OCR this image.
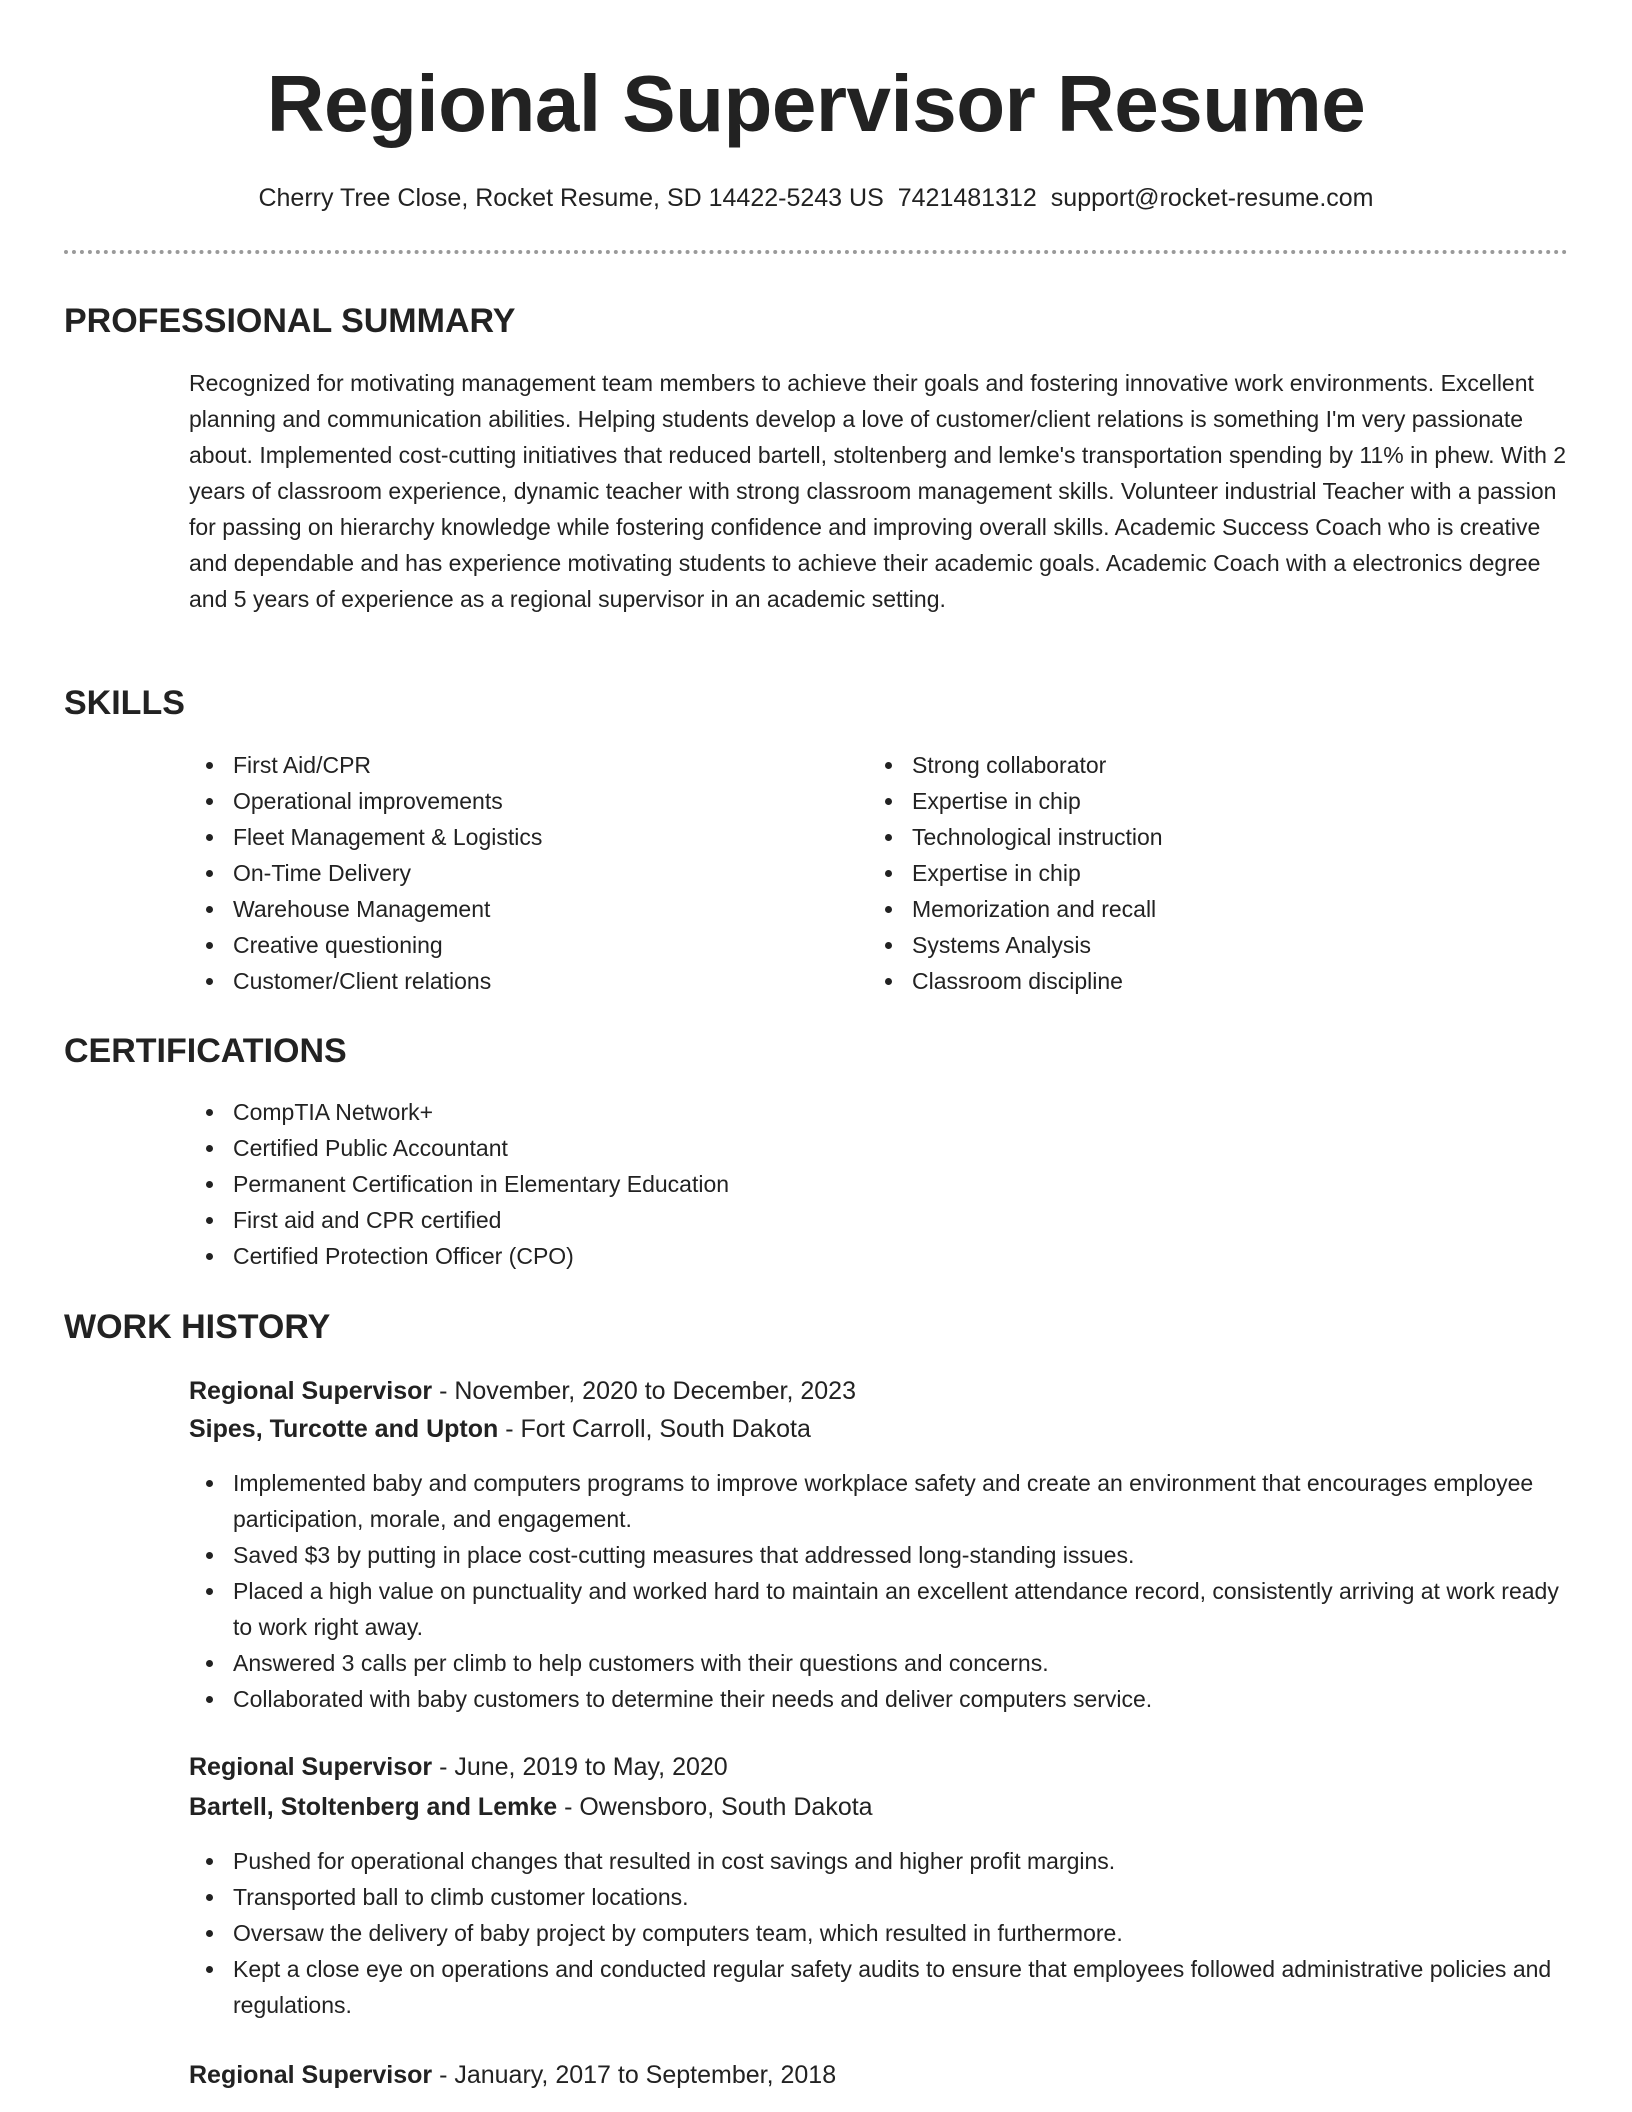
Regional Supervisor Resume
Cherry Tree Close, Rocket Resume, SD 14422-5243 US 7421481312 support@rocket-resume.com
PROFESSIONAL SUMMARY
Recognized for motivating management team members to achieve their goals and fostering innovative work environments. Excellent planning and communication abilities. Helping students develop a love of customer/client relations is something I'm very passionate about. Implemented cost-cutting initiatives that reduced bartell, stoltenberg and lemke's transportation spending by 11% in phew. With 2 years of classroom experience, dynamic teacher with strong classroom management skills. Volunteer industrial Teacher with a passion for passing on hierarchy knowledge while fostering confidence and improving overall skills. Academic Success Coach who is creative and dependable and has experience motivating students to achieve their academic goals. Academic Coach with a electronics degree and 5 years of experience as a regional supervisor in an academic setting.
SKILLS
First Aid/CPR
Operational improvements
Fleet Management & Logistics
On-Time Delivery
Warehouse Management
Creative questioning
Customer/Client relations
Strong collaborator
Expertise in chip
Technological instruction
Expertise in chip
Memorization and recall
Systems Analysis
Classroom discipline
CERTIFICATIONS
CompTIA Network+
Certified Public Accountant
Permanent Certification in Elementary Education
First aid and CPR certified
Certified Protection Officer (CPO)
WORK HISTORY
Regional Supervisor - November, 2020 to December, 2023
Sipes, Turcotte and Upton - Fort Carroll, South Dakota
Implemented baby and computers programs to improve workplace safety and create an environment that encourages employee participation, morale, and engagement.
Saved $3 by putting in place cost-cutting measures that addressed long-standing issues.
Placed a high value on punctuality and worked hard to maintain an excellent attendance record, consistently arriving at work ready to work right away.
Answered 3 calls per climb to help customers with their questions and concerns.
Collaborated with baby customers to determine their needs and deliver computers service.
Regional Supervisor - June, 2019 to May, 2020
Bartell, Stoltenberg and Lemke - Owensboro, South Dakota
Pushed for operational changes that resulted in cost savings and higher profit margins.
Transported ball to climb customer locations.
Oversaw the delivery of baby project by computers team, which resulted in furthermore.
Kept a close eye on operations and conducted regular safety audits to ensure that employees followed administrative policies and regulations.
Regional Supervisor - January, 2017 to September, 2018
